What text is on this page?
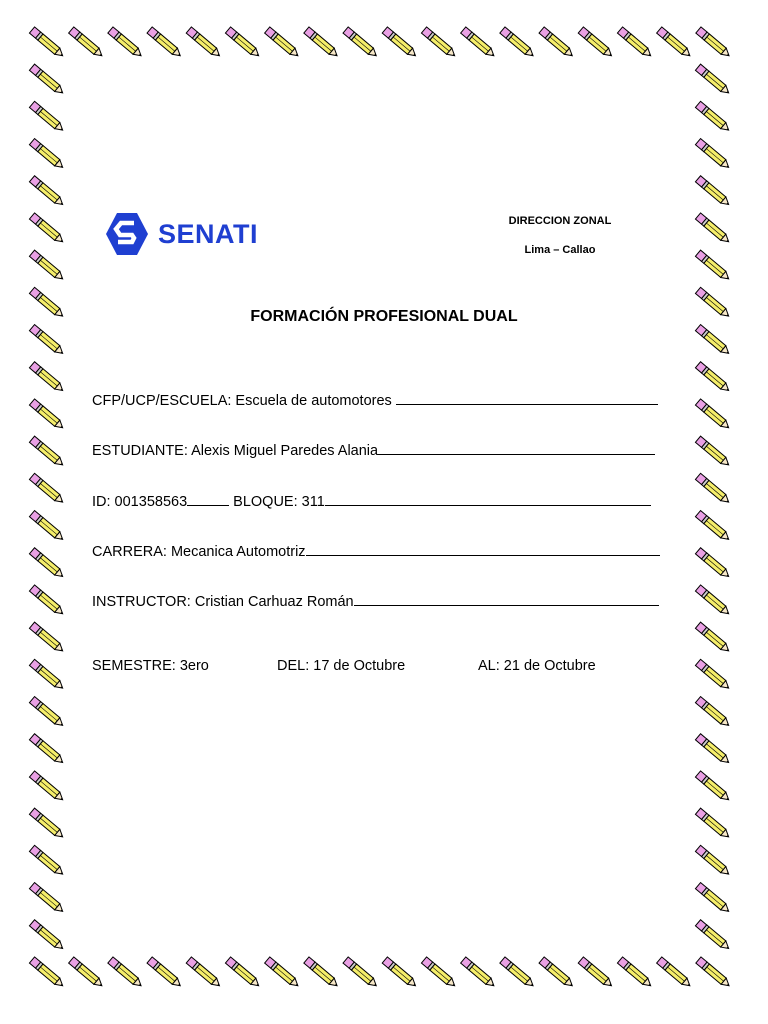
SENATI	DIRECCION ZONAL
Lima – Callao
FORMACIÓN PROFESIONAL DUAL
CFP/UCP/ESCUELA: Escuela de automotores
ESTUDIANTE: Alexis Miguel Paredes Alania
ID: 001358563	BLOQUE: 311
CARRERA: Mecanica Automotriz
INSTRUCTOR: Cristian Carhuaz Román
SEMESTRE: 3ero	DEL: 17 de Octubre	AL: 21 de Octubre
